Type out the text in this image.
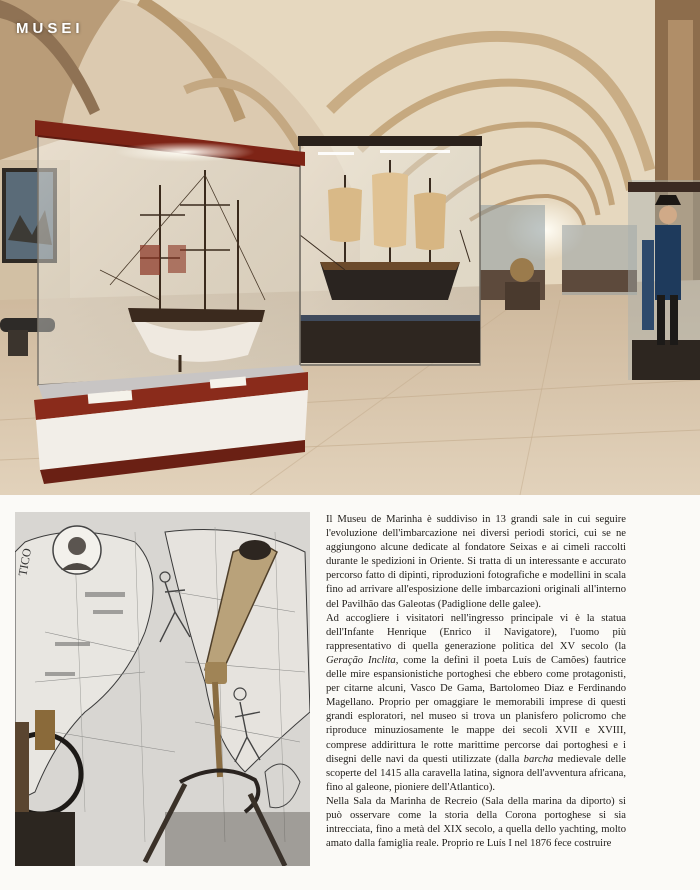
MUSEI
TICO

Il Museu de Marinha è suddiviso in 13 grandi sale in cui seguire l'evoluzione dell'imbarcazione nei diversi periodi storici, cui se ne aggiungono alcune dedicate al fondatore Seixas e ai cimeli raccolti durante le spedizioni in Oriente. Si tratta di un interessante e accurato percorso fatto di dipinti, riproduzioni fotografiche e modellini in scala fino ad arrivare all'esposizione delle imbarcazioni originali all'interno del Pavilhão das Galeotas (Padiglione delle galee).

Ad accogliere i visitatori nell'ingresso principale vi è la statua dell'Infante Henrique (Enrico il Navigatore), l'uomo più rappresentativo di quella generazione politica del XV secolo (la Geração Inclita, come la definì il poeta Luís de Camões) fautrice delle mire espansionistiche portoghesi che ebbero come protagonisti, per citarne alcuni, Vasco De Gama, Bartolomeo Diaz e Ferdinando Magellano. Proprio per omaggiare le memorabili imprese di questi grandi esploratori, nel museo si trova un planisfero policromo che riproduce minuziosamente le mappe dei secoli XVII e XVIII, comprese addirittura le rotte marittime percorse dai portoghesi e i disegni delle navi da questi utilizzate (dalla barcha medievale delle scoperte del 1415 alla caravella latina, signora dell'avventura africana, fino al galeone, pioniere dell'Atlantico).

Nella Sala da Marinha de Recreio (Sala della marina da diporto) si può osservare come la storia della Corona portoghese si sia intrecciata, fino a metà del XIX secolo, a quella dello yachting, molto amato dalla famiglia reale. Proprio re Luís I nel 1876 fece costruire
